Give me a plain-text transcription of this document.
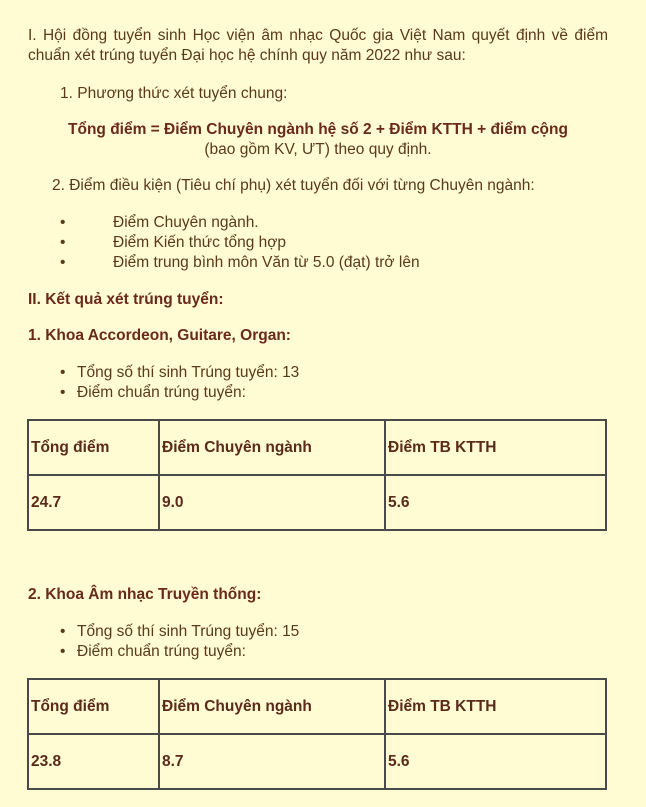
I. Hội đồng tuyển sinh Học viện âm nhạc Quốc gia Việt Nam quyết định về điểm chuẩn xét trúng tuyển Đại học hệ chính quy năm 2022 như sau:

1. Phương thức xét tuyển chung:
Tổng điểm = Điểm Chuyên ngành hệ số 2 + Điểm KTTH + điểm cộng
(bao gồm KV, ƯT) theo quy định.
2. Điểm điều kiện (Tiêu chí phụ) xét tuyển đối với từng Chuyên ngành:
•	Điểm Chuyên ngành.
•	Điểm Kiến thức tổng hợp
•	Điểm trung bình môn Văn từ 5.0 (đạt) trở lên
II. Kết quả xét trúng tuyển:
1. Khoa Accordeon, Guitare, Organ:
• Tổng số thí sinh Trúng tuyển: 13
• Điểm chuẩn trúng tuyển:
Tổng điểm	Điểm Chuyên ngành	Điểm TB KTTH
24.7	9.0	5.6
2. Khoa Âm nhạc Truyền thống:
• Tổng số thí sinh Trúng tuyển: 15
• Điểm chuẩn trúng tuyển:
Tổng điểm	Điểm Chuyên ngành	Điểm TB KTTH
23.8	8.7	5.6
